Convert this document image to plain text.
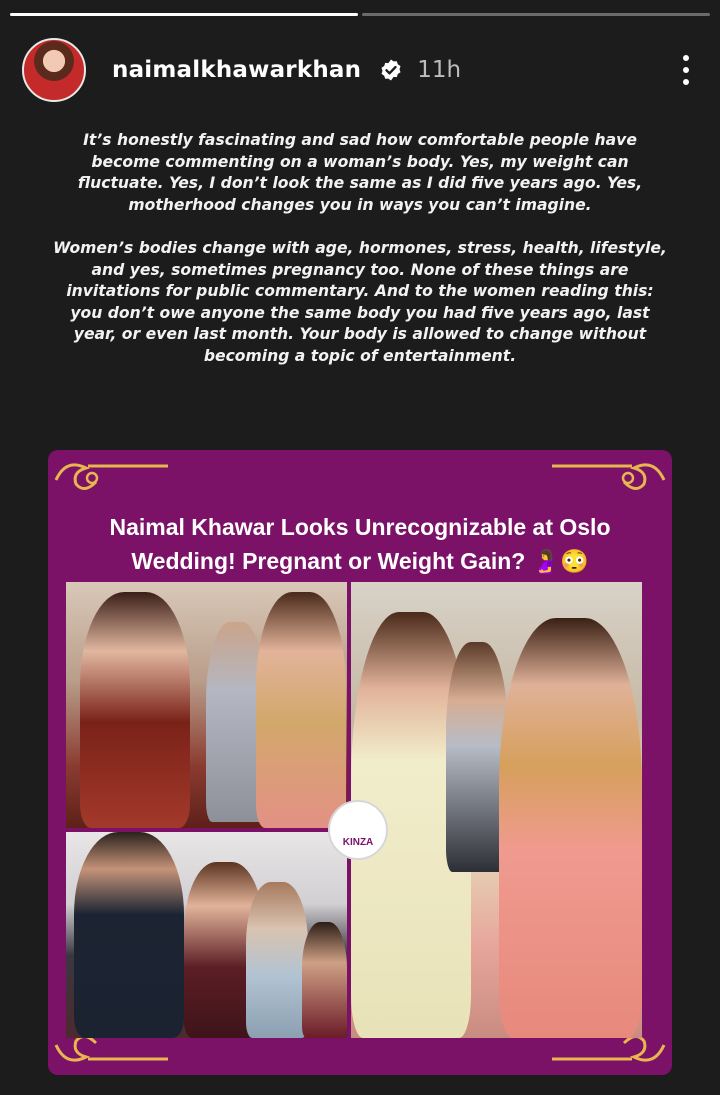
naimalkhawarkhan 11h

It’s honestly fascinating and sad how comfortable people have become commenting on a woman’s body. Yes, my weight can fluctuate. Yes, I don’t look the same as I did five years ago. Yes, motherhood changes you in ways you can’t imagine.

Women’s bodies change with age, hormones, stress, health, lifestyle, and yes, sometimes pregnancy too. None of these things are invitations for public commentary. And to the women reading this: you don’t owe anyone the same body you had five years ago, last year, or even last month. Your body is allowed to change without becoming a topic of entertainment.

Naimal Khawar Looks Unrecognizable at Oslo Wedding! Pregnant or Weight Gain? 🤰😳
KINZA
